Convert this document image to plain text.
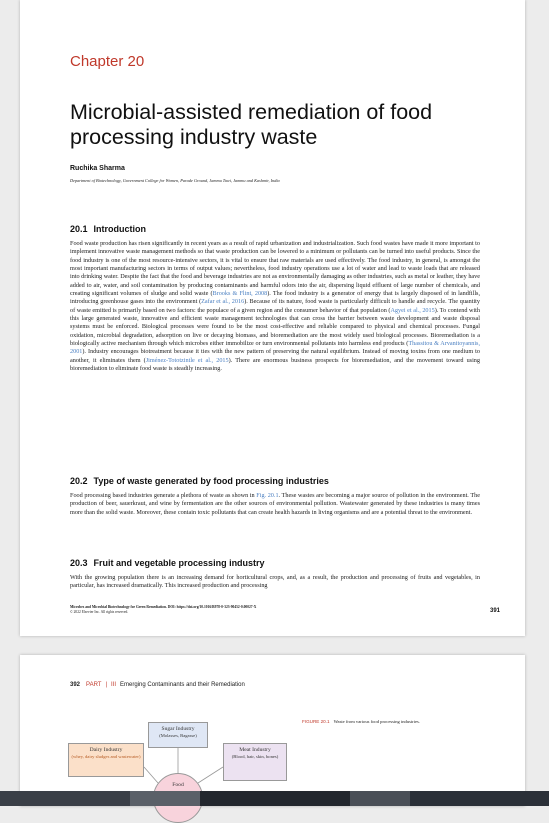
Chapter 20
Microbial-assisted remediation of food processing industry waste
Ruchika Sharma
Department of Biotechnology, Government College for Women, Parade Ground, Jammu Tawi, Jammu and Kashmir, India
20.1 Introduction
Food waste production has risen significantly in recent years as a result of rapid urbanization and industrialization. Such food wastes have made it more important to implement innovative waste management methods so that waste production can be lowered to a minimum or pollutants can be turned into useful products. Since the food industry is one of the most resource-intensive sectors, it is vital to ensure that raw materials are used effectively. The food industry, in general, is amongst the most important manufacturing sectors in terms of output values; nevertheless, food industry operations use a lot of water and lead to waste loads that are released into drinking water. Despite the fact that the food and beverage industries are not as environmentally damaging as other industries, such as metal or leather, they have added to air, water, and soil contamination by producing contaminants and harmful odors into the air, dispersing liquid effluent of large number of chemicals, and creating significant volumes of sludge and solid waste (Brooks & Flint, 2008). The food industry is a generator of energy that is largely disposed of in landfills, introducing greenhouse gases into the environment (Zafar et al., 2016). Because of its nature, food waste is particularly difficult to handle and recycle. The quantity of waste emitted is primarily based on two factors: the populace of a given region and the consumer behavior of that population (Agyei et al., 2015). To contend with this large generated waste, innovative and efficient waste management technologies that can cross the barrier between waste development and waste disposal systems must be enforced. Biological processes were found to be the most cost-effective and reliable compared to physical and chemical processes. Fungal oxidation, microbial degradation, adsorption on live or decaying biomass, and bioremediation are the most widely used biological processes. Bioremediation is a biologically active mechanism through which microbes either immobilize or turn environmental pollutants into harmless end products (Thassitou & Arvanitoyannis, 2001). Industry encourages biotreatment because it ties with the new pattern of preserving the natural equilibrium. Instead of moving toxins from one medium to another, it eliminates them (Jiménez-Tototzintle et al., 2015). There are enormous business prospects for bioremediation, and the movement toward using bioremediation to eliminate food waste is steadily increasing.
20.2 Type of waste generated by food processing industries
Food processing based industries generate a plethora of waste as shown in Fig. 20.1. These wastes are becoming a major source of pollution in the environment. The production of beer, sauerkraut, and wine by fermentation are the other sources of environmental pollution. Wastewater generated by these industries is many times more than the solid waste. Moreover, these contain toxic pollutants that can create health hazards in living organisms and are a potential threat to the environment.
20.3 Fruit and vegetable processing industry
With the growing population there is an increasing demand for horticultural crops, and, as a result, the production and processing of fruits and vegetables, in particular, has increased dramatically. This increased production and processing
Microbes and Microbial Biotechnology for Green Remediation. DOI: https://doi.org/10.1016/B978-0-323-90452-0.00027-X
© 2022 Elsevier Inc. All rights reserved.	391
392 PART | III Emerging Contaminants and their Remediation
FIGURE 20.1 Waste from various food processing industries.
Sugar Industry
(Molasses, Bagasse)
Dairy Industry
(whey, dairy sludges and wastewater)
Meat Industry
(Blood, hair, skin, bones)
Food
